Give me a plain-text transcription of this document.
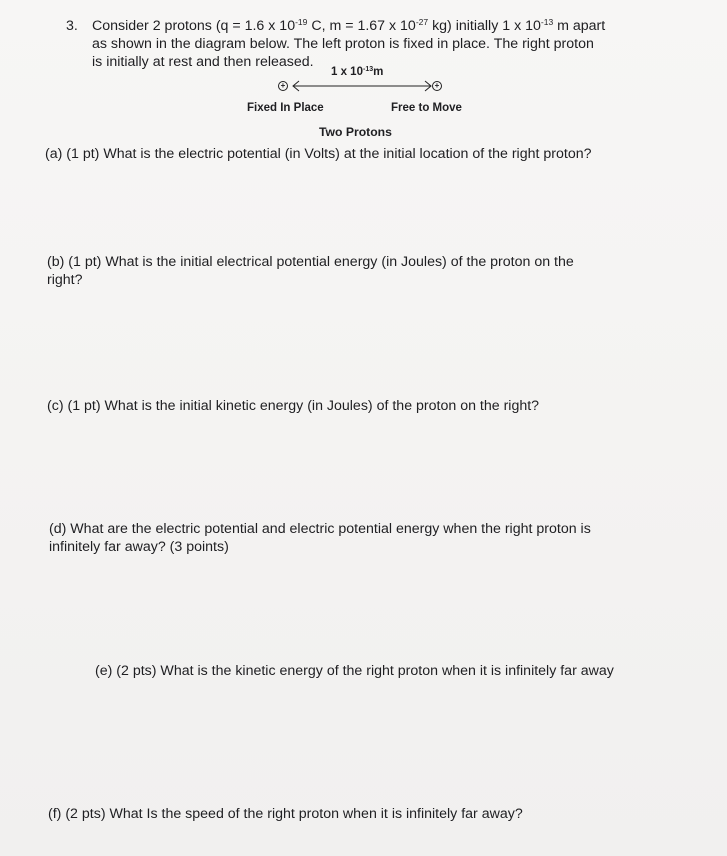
3. Consider 2 protons (q = 1.6 x $10^{-19}$ C, m = 1.67 x $10^{-27}$ kg) initially 1 x $10^{-13}$ m apart
as shown in the diagram below. The left proton is fixed in place. The right proton
is initially at rest and then released.
1 x $10^{-13}m$
+	+
Fixed In Place	Free to Move
Two Protons
(a) (1 pt) What is the electric potential (in Volts) at the initial location of the right proton?
(b) (1 pt) What is the initial electrical potential energy (in Joules) of the proton on the
right?
(c) (1 pt) What is the initial kinetic energy (in Joules) of the proton on the right?
(d) What are the electric potential and electric potential energy when the right proton is
infinitely far away? (3 points)
(e) (2 pts) What is the kinetic energy of the right proton when it is infinitely far away
(f) (2 pts) What Is the speed of the right proton when it is infinitely far away?
